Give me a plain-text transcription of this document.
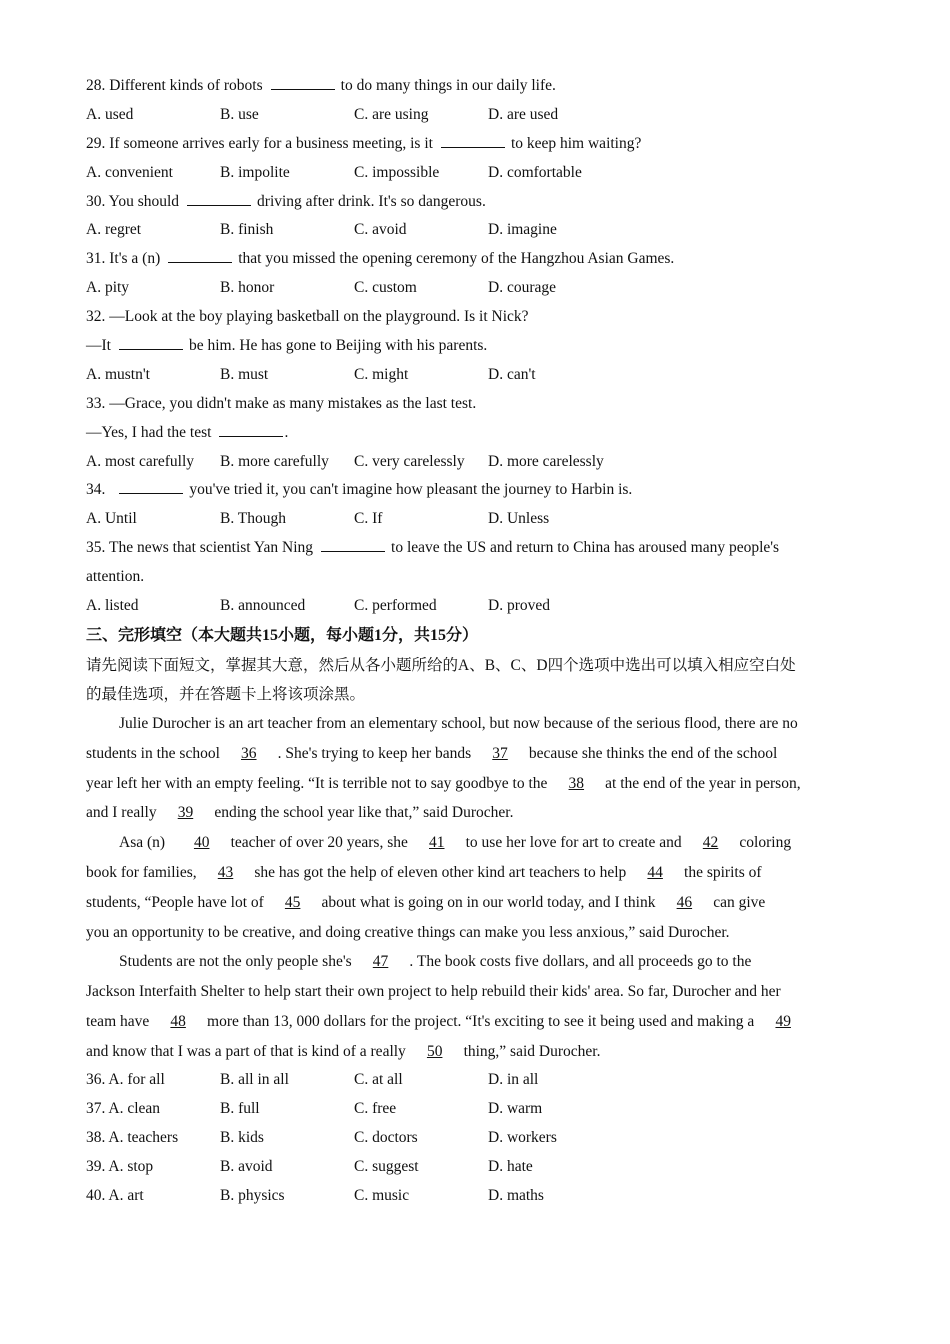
28. Different kinds of robots	to do many things in our daily life.
A. used	B. use	C. are using	D. are used
29. If someone arrives early for a business meeting, is it	to keep him waiting?
A. convenient	B. impolite	C. impossible	D. comfortable
30. You should	driving after drink. It's so dangerous.
A. regret	B. finish	C. avoid	D. imagine
31. It's a (n)	that you missed the opening ceremony of the Hangzhou Asian Games.
A. pity	B. honor	C. custom	D. courage
32. —Look at the boy playing basketball on the playground. Is it Nick?
—It	be him. He has gone to Beijing with his parents.
A. mustn't	B. must	C. might	D. can't
33. —Grace, you didn't make as many mistakes as the last test.
—Yes, I had the test	.
A. most carefully	B. more carefully	C. very carelessly	D. more carelessly
34.	you've tried it, you can't imagine how pleasant the journey to Harbin is.
A. Until	B. Though	C. If	D. Unless
35. The news that scientist Yan Ning	to leave the US and return to China has aroused many people's
attention.
A. listed	B. announced	C. performed	D. proved
三、完形填空（本大题共15小题，每小题1分，共15分）
请先阅读下面短文，掌握其大意，然后从各小题所给的A、B、C、D四个选项中选出可以填入相应空白处
的最佳选项，并在答题卡上将该项涂黑。
Julie Durocher is an art teacher from an elementary school, but now because of the serious flood, there are no
students in the school 36 . She's trying to keep her bands 37 because she thinks the end of the school
year left her with an empty feeling. “It is terrible not to say goodbye to the 38 at the end of the year in person,
and I really 39 ending the school year like that,” said Durocher.
Asa (n)   40 teacher of over 20 years, she 41 to use her love for art to create and 42 coloring
book for families, 43 she has got the help of eleven other kind art teachers to help 44 the spirits of
students, “People have lot of 45 about what is going on in our world today, and I think 46 can give
you an opportunity to be creative, and doing creative things can make you less anxious,” said Durocher.
Students are not the only people she's 47 . The book costs five dollars, and all proceeds go to the
Jackson Interfaith Shelter to help start their own project to help rebuild their kids' area. So far, Durocher and her
team have 48 more than 13, 000 dollars for the project. “It's exciting to see it being used and making a 49
and know that I was a part of that is kind of a really 50 thing,” said Durocher.
36. A. for all	B. all in all	C. at all	D. in all
37. A. clean	B. full	C. free	D. warm
38. A. teachers	B. kids	C. doctors	D. workers
39. A. stop	B. avoid	C. suggest	D. hate
40. A. art	B. physics	C. music	D. maths
